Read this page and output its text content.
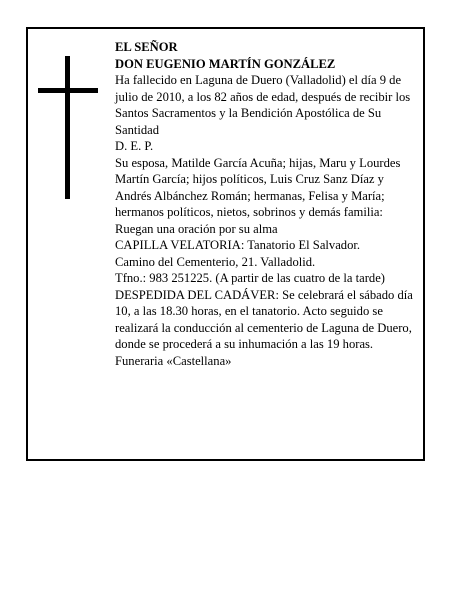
EL SEÑOR

DON EUGENIO MARTÍN GONZÁLEZ

Ha fallecido en Laguna de Duero (Valladolid) el día 9 de julio de 2010, a los 82 años de edad, después de recibir los Santos Sacramentos y la Bendición Apostólica de Su Santidad

D. E. P.

Su esposa, Matilde García Acuña; hijas, Maru y Lourdes Martín García; hijos políticos, Luis Cruz Sanz Díaz y Andrés Albánchez Román; hermanas, Felisa y María; hermanos políticos, nietos, sobrinos y demás familia:

Ruegan una oración por su alma

CAPILLA VELATORIA: Tanatorio El Salvador.

Camino del Cementerio, 21. Valladolid.

Tfno.: 983 251225. (A partir de las cuatro de la tarde)

DESPEDIDA DEL CADÁVER: Se celebrará el sábado día 10, a las 18.30 horas, en el tanatorio. Acto seguido se realizará la conducción al cementerio de Laguna de Duero, donde se procederá a su inhumación a las 19 horas.

Funeraria «Castellana»
